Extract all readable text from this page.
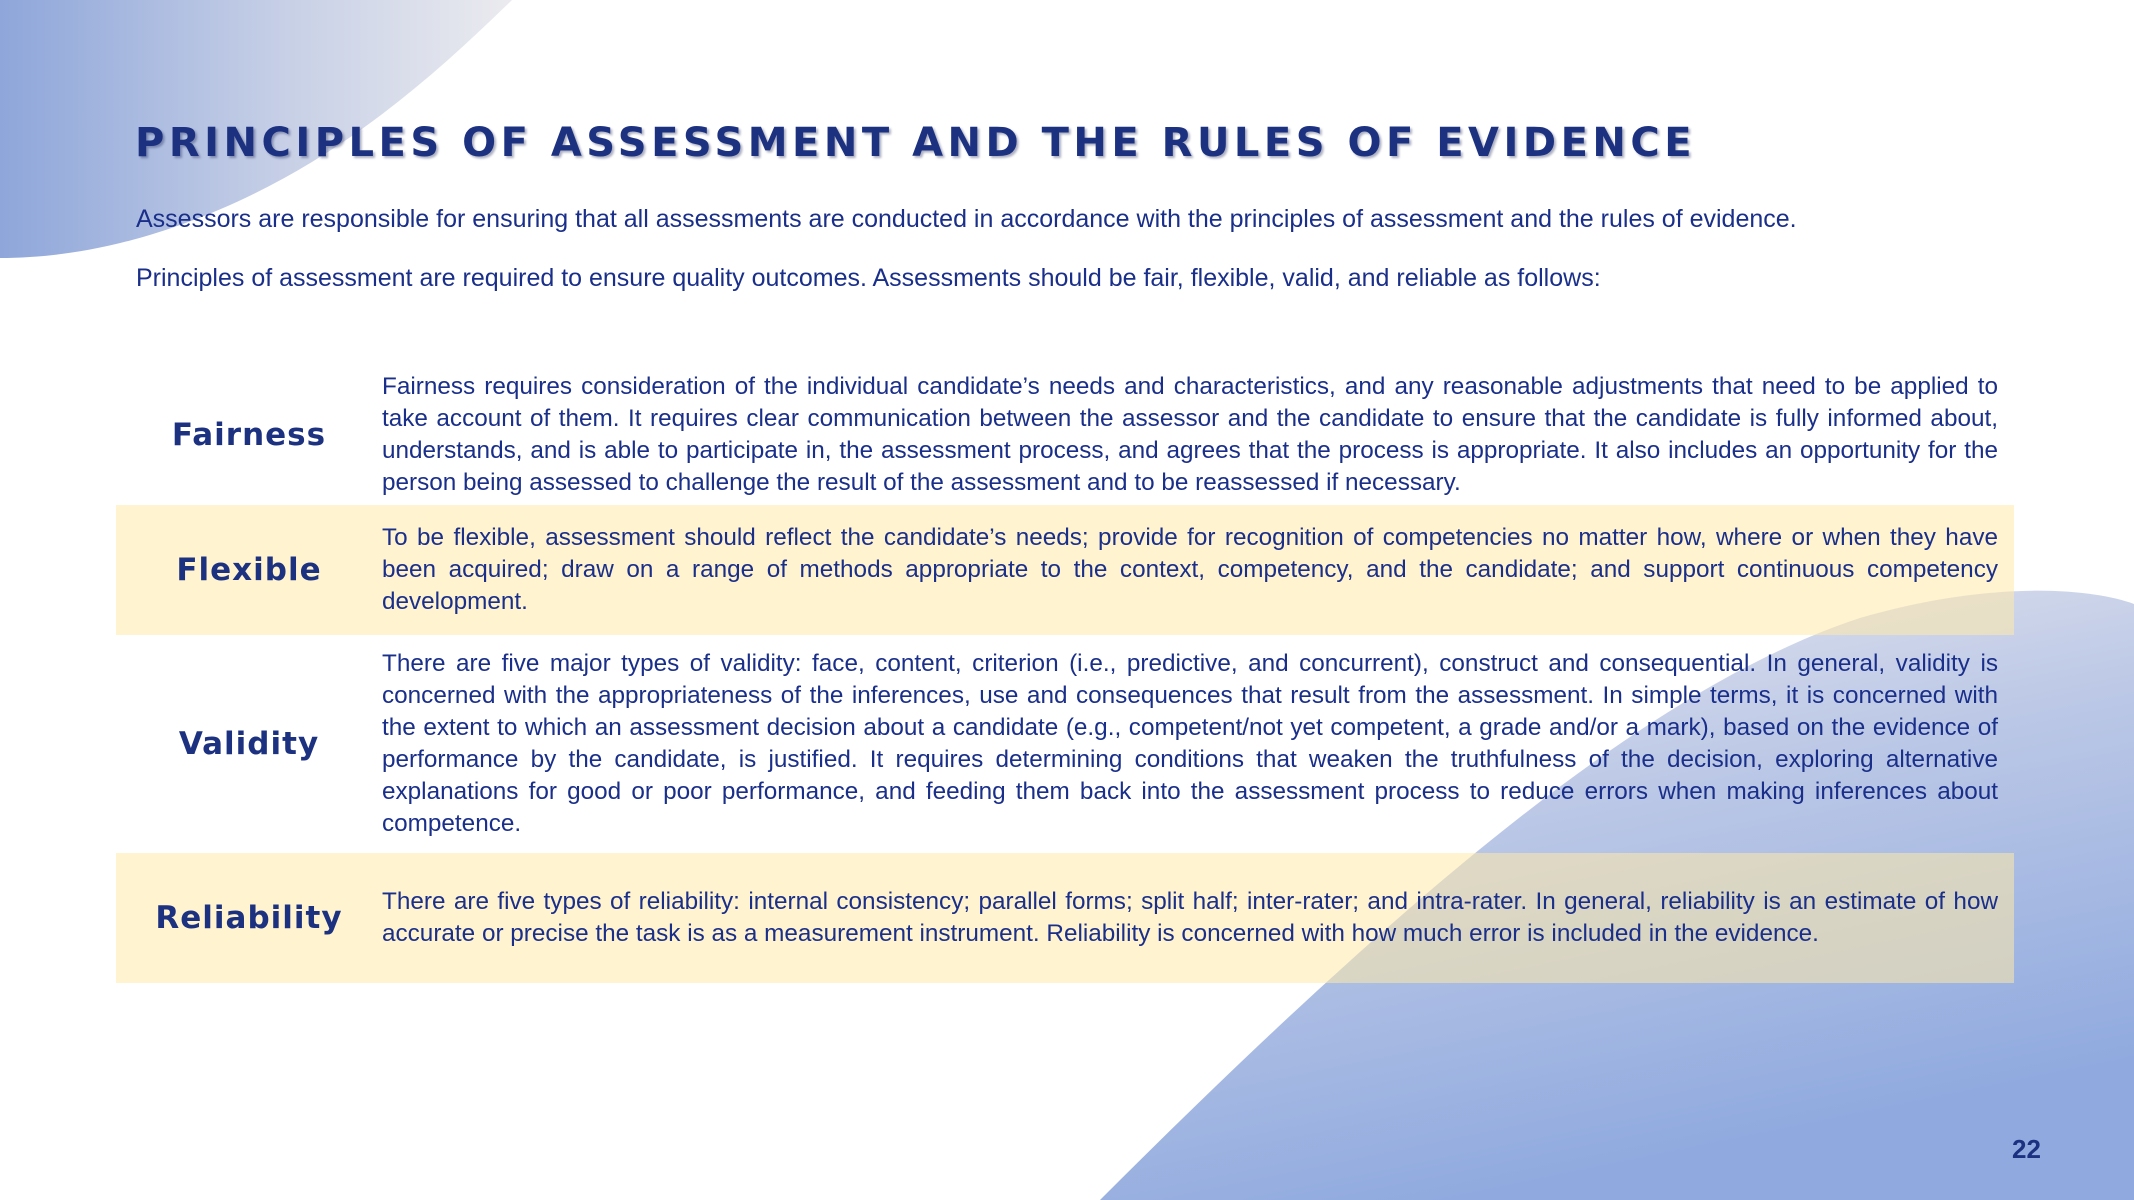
PRINCIPLES OF ASSESSMENT AND THE RULES OF EVIDENCE

Assessors are responsible for ensuring that all assessments are conducted in accordance with the principles of assessment and the rules of evidence.

Principles of assessment are required to ensure quality outcomes. Assessments should be fair, flexible, valid, and reliable as follows:

Fairness

Fairness requires consideration of the individual candidate’s needs and characteristics, and any reasonable adjustments that need to be applied to take account of them. It requires clear communication between the assessor and the candidate to ensure that the candidate is fully informed about, understands, and is able to participate in, the assessment process, and agrees that the process is appropriate. It also includes an opportunity for the person being assessed to challenge the result of the assessment and to be reassessed if necessary.

Flexible

To be flexible, assessment should reflect the candidate’s needs; provide for recognition of competencies no matter how, where or when they have been acquired; draw on a range of methods appropriate to the context, competency, and the candidate; and support continuous competency development.

Validity

There are five major types of validity: face, content, criterion (i.e., predictive, and concurrent), construct and consequential. In general, validity is concerned with the appropriateness of the inferences, use and consequences that result from the assessment. In simple terms, it is concerned with the extent to which an assessment decision about a candidate (e.g., competent/not yet competent, a grade and/or a mark), based on the evidence of performance by the candidate, is justified. It requires determining conditions that weaken the truthfulness of the decision, exploring alternative explanations for good or poor performance, and feeding them back into the assessment process to reduce errors when making inferences about competence.

Reliability	There are five types of reliability: internal consistency; parallel forms; split half; inter-rater; and intra-rater. In general, reliability is an estimate of how accurate or precise the task is as a measurement instrument. Reliability is concerned with how much error is included in the evidence.

22
